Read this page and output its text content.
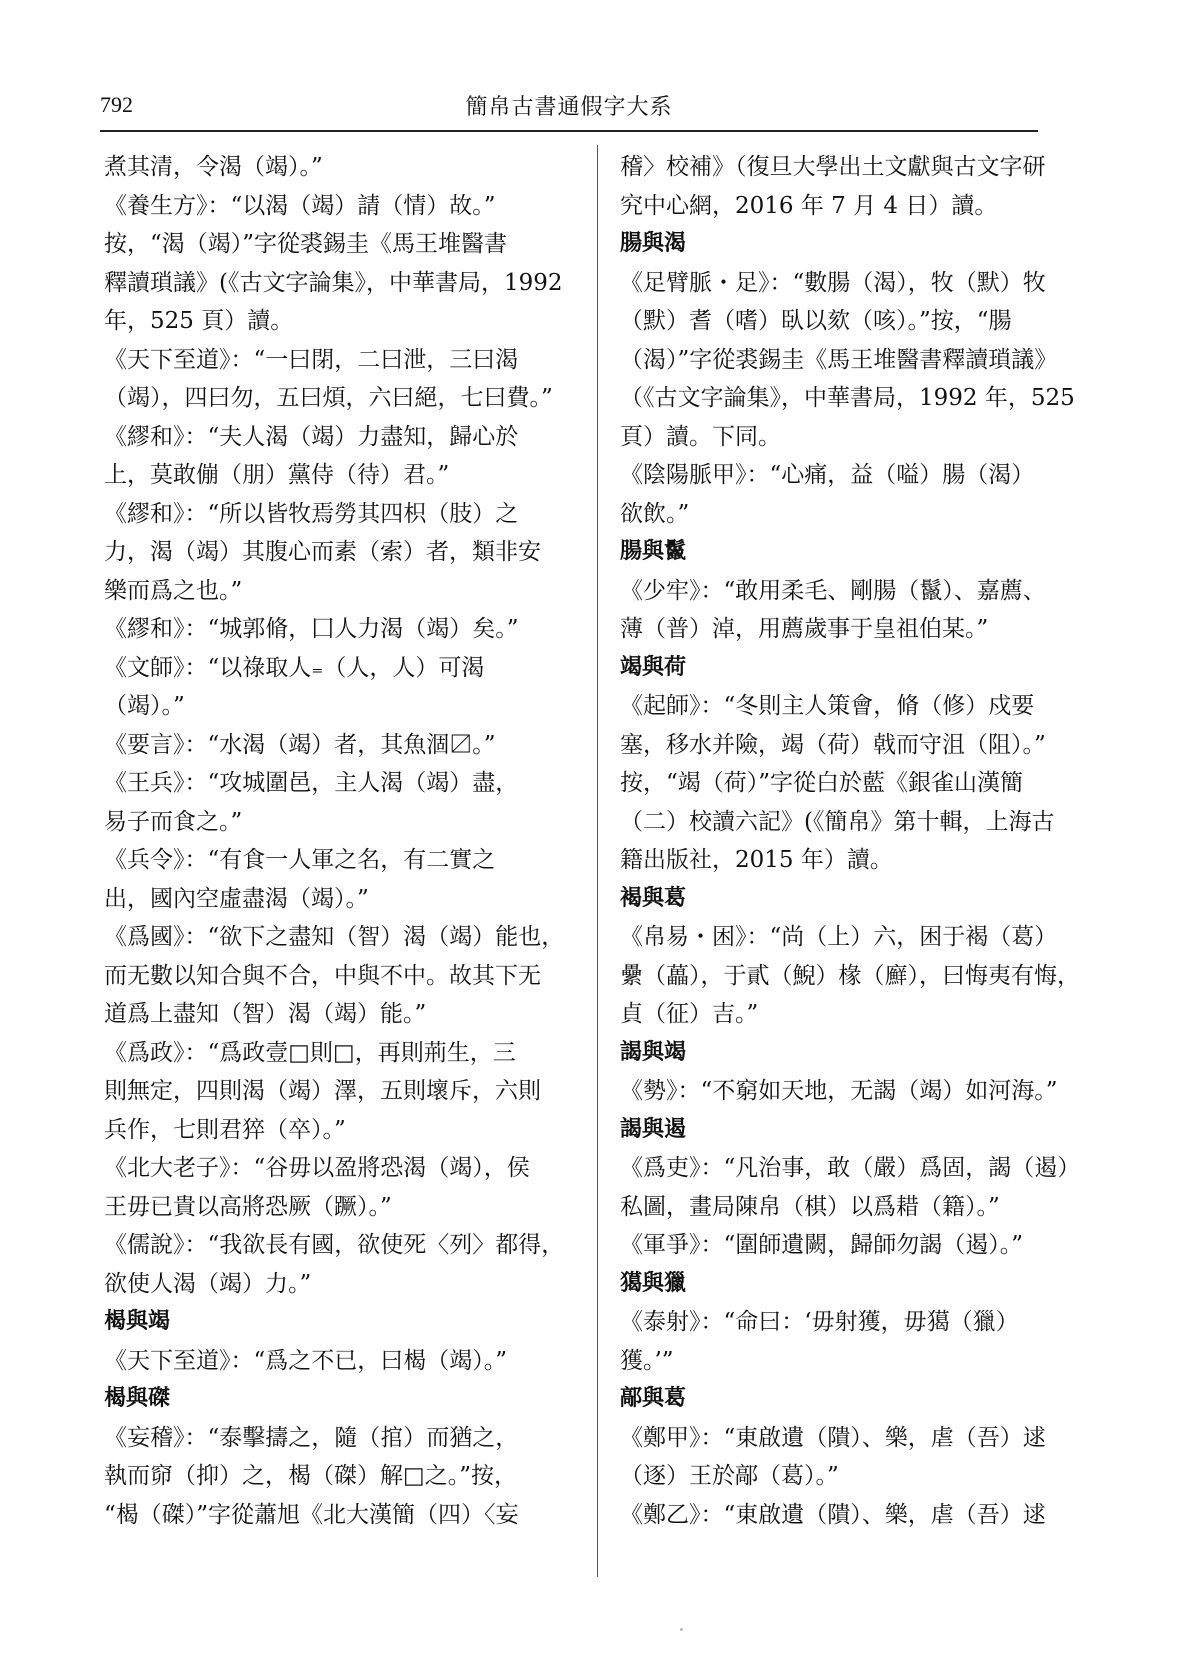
792	簡帛古書通假字大系
煮其清，令渴（竭）。”
《養生方》：“以渴（竭）請（情）故。”
按，“渴（竭）”字從裘錫圭《馬王堆醫書
釋讀瑣議》(《古文字論集》，中華書局，1992
年，525 頁）讀。
《天下至道》：“一曰閉，二曰泄，三曰渴
（竭），四曰勿，五曰煩，六曰絕，七曰費。”
《繆和》：“夫人渴（竭）力盡知，歸心於
上，莫敢傰（朋）黨侍（待）君。”
《繆和》：“所以皆牧焉勞其四枳（肢）之
力，渴（竭）其腹心而素（索）者，類非安
樂而爲之也。”
《繆和》：“城郭脩，囗人力渴（竭）矣。”
《文師》：“以祿取人₌（人，人）可渴
（竭）。”
《要言》：“水渴（竭）者，其魚涸〼。”
《王兵》：“攻城圍邑，主人渴（竭）盡，
易子而食之。”
《兵令》：“有食一人軍之名，有二實之
出，國內空虛盡渴（竭）。”
《爲國》：“欲下之盡知（智）渴（竭）能也，
而无數以知合與不合，中與不中。故其下无
道爲上盡知（智）渴（竭）能。”
《爲政》：“爲政壹□則□，再則荊生，三
則無定，四則渴（竭）澤，五則壞斥，六則
兵作，七則君猝（卒）。”
《北大老子》：“谷毋以盈將恐渴（竭），侯
王毋已貴以高將恐厥（蹶）。”
《儒說》：“我欲長有國，欲使死〈列〉都得，
欲使人渴（竭）力。”
楬與竭
《天下至道》：“爲之不已，曰楬（竭）。”
楬與磔
《妄稽》：“泰擊擣之，隨（捾）而猶之，
執而窌（抑）之，楬（磔）解□之。”按，
“楬（磔）”字從蕭旭《北大漢簡（四）〈妄
稽〉校補》（復旦大學出土文獻與古文字研
究中心網，2016 年 7 月 4 日）讀。
腸與渴
《足臂脈・足》：“數腸（渴），牧（默）牧
（默）耆（嗜）臥以欬（咳）。”按，“腸
（渴）”字從裘錫圭《馬王堆醫書釋讀瑣議》
（《古文字論集》，中華書局，1992 年，525
頁）讀。下同。
《陰陽脈甲》：“心痛，益（嗌）腸（渴）
欲飲。”
腸與鬣
《少牢》：“敢用柔毛、剛腸（鬣）、嘉薦、
薄（普）淖，用薦歲事于皇祖伯某。”
竭與荷
《起師》：“冬則主人策會，脩（修）戍要
塞，移水并險，竭（荷）戟而守沮（阻）。”
按，“竭（荷）”字從白於藍《銀雀山漢簡
（二）校讀六記》(《簡帛》第十輯，上海古
籍出版社，2015 年）讀。
褐與葛
《帛易・困》：“尚（上）六，困于褐（葛）
纍（藟），于貳（鯢）椽（廯），曰悔夷有悔，
貞（征）吉。”
謁與竭
《勢》：“不窮如天地，无謁（竭）如河海。”
謁與遏
《爲吏》：“凡治事，敢（嚴）爲固，謁（遏）
私圖，畫局陳帛（棋）以爲耤（籍）。”
《軍爭》：“圍師遺闕，歸師勿謁（遏）。”
獦與獵
《泰射》：“命曰：‘毋射獲，毋獦（獵）
獲。’”
鄗與葛
《鄭甲》：“東啟遺（隤）、樂，虐（吾）逑
（逐）王於鄗（葛）。”
《鄭乙》：“東啟遺（隤）、樂，虐（吾）逑
